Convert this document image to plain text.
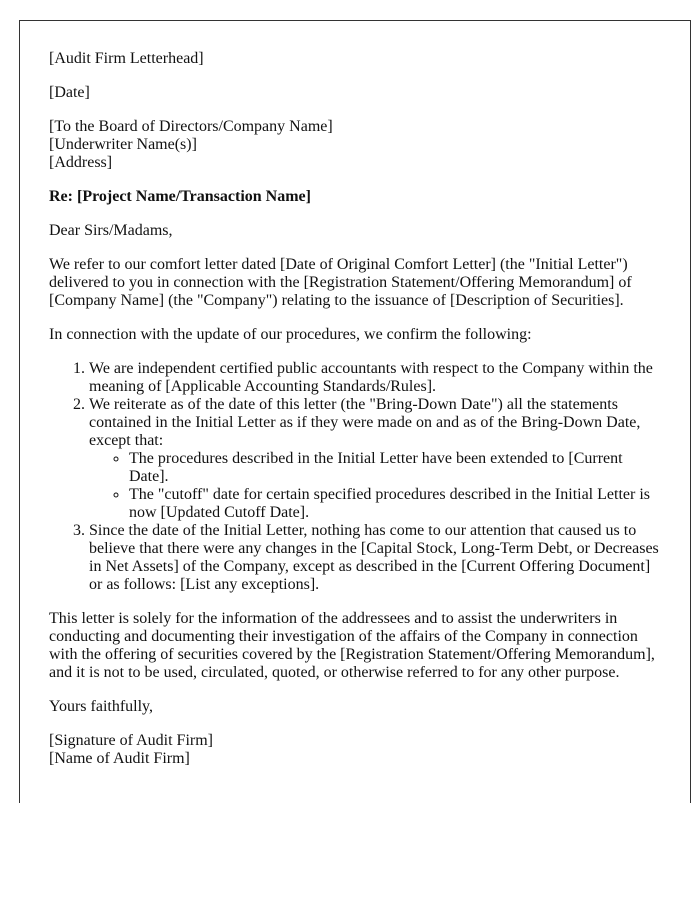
[Audit Firm Letterhead]

[Date]

[To the Board of Directors/Company Name]

[Underwriter Name(s)]

[Address]

Re: [Project Name/Transaction Name]

Dear Sirs/Madams,

We refer to our comfort letter dated [Date of Original Comfort Letter] (the "Initial Letter") delivered to you in connection with the [Registration Statement/Offering Memorandum] of [Company Name] (the "Company") relating to the issuance of [Description of Securities].

In connection with the update of our procedures, we confirm the following:

1. We are independent certified public accountants with respect to the Company within the meaning of [Applicable Accounting Standards/Rules].
2. We reiterate as of the date of this letter (the "Bring-Down Date") all the statements contained in the Initial Letter as if they were made on and as of the Bring-Down Date, except that:
◦ The procedures described in the Initial Letter have been extended to [Current Date].
◦ The "cutoff" date for certain specified procedures described in the Initial Letter is now [Updated Cutoff Date].
3. Since the date of the Initial Letter, nothing has come to our attention that caused us to believe that there were any changes in the [Capital Stock, Long-Term Debt, or Decreases in Net Assets] of the Company, except as described in the [Current Offering Document] or as follows: [List any exceptions].

This letter is solely for the information of the addressees and to assist the underwriters in conducting and documenting their investigation of the affairs of the Company in connection with the offering of securities covered by the [Registration Statement/Offering Memorandum], and it is not to be used, circulated, quoted, or otherwise referred to for any other purpose.

Yours faithfully,

[Signature of Audit Firm]

[Name of Audit Firm]
